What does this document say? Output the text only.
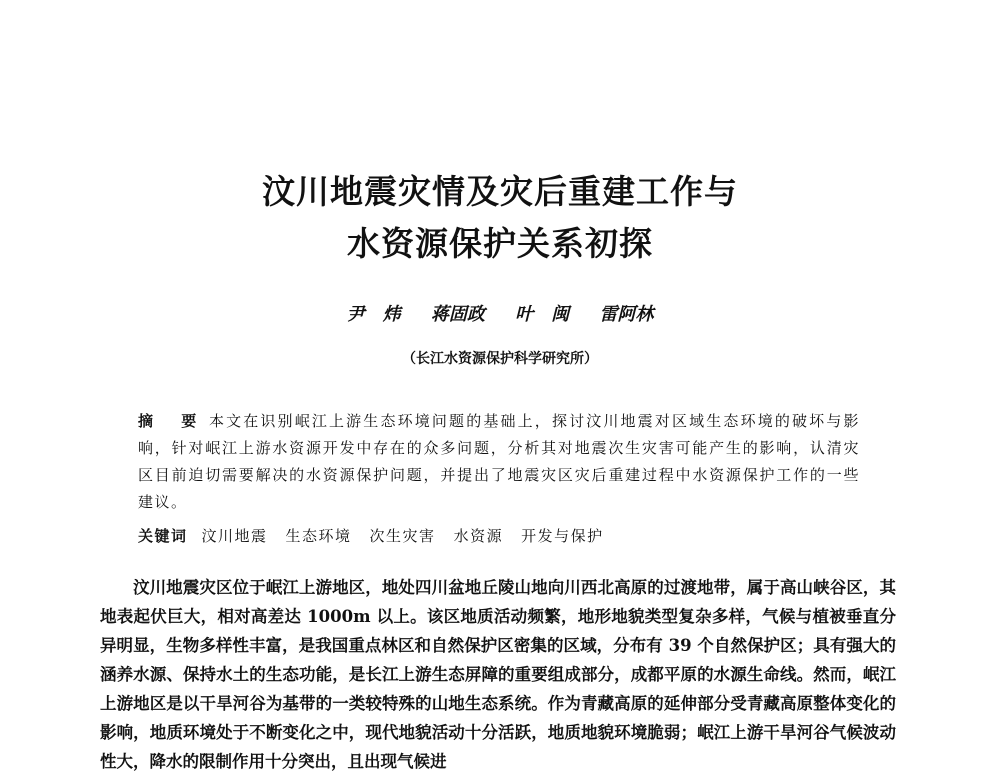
汶川地震灾情及灾后重建工作与
水资源保护关系初探
尹　炜 蒋固政 叶　闽 雷阿林
（长江水资源保护科学研究所）

摘　要 本文在识别岷江上游生态环境问题的基础上，探讨汶川地震对区域生态环境的破坏与影响，针对岷江上游水资源开发中存在的众多问题，分析其对地震次生灾害可能产生的影响，认清灾区目前迫切需要解决的水资源保护问题，并提出了地震灾区灾后重建过程中水资源保护工作的一些建议。

关键词 汶川地震 生态环境 次生灾害 水资源 开发与保护

汶川地震灾区位于岷江上游地区，地处四川盆地丘陵山地向川西北高原的过渡地带，属于高山峡谷区，其地表起伏巨大，相对高差达 1000m 以上。该区地质活动频繁，地形地貌类型复杂多样，气候与植被垂直分异明显，生物多样性丰富，是我国重点林区和自然保护区密集的区域，分布有 39 个自然保护区；具有强大的涵养水源、保持水土的生态功能，是长江上游生态屏障的重要组成部分，成都平原的水源生命线。然而，岷江上游地区是以干旱河谷为基带的一类较特殊的山地生态系统。作为青藏高原的延伸部分受青藏高原整体变化的影响，地质环境处于不断变化之中，现代地貌活动十分活跃，地质地貌环境脆弱；岷江上游干旱河谷气候波动性大，降水的限制作用十分突出，且出现气候进
